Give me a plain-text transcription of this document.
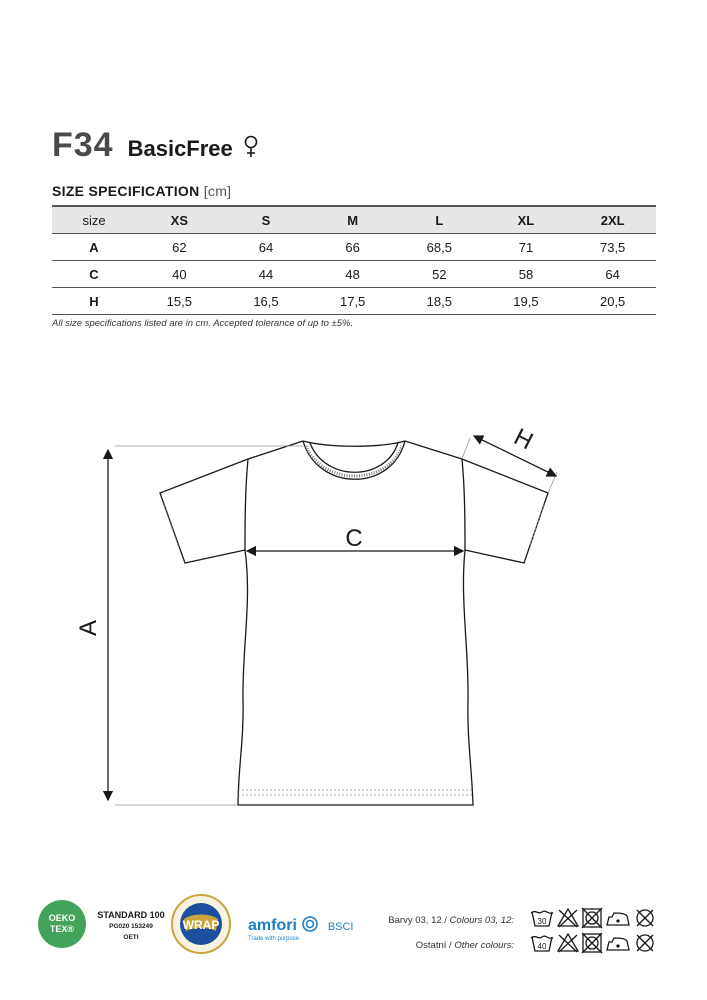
F34 BasicFree
SIZE SPECIFICATION [cm]
size	XS	S	M	L	XL	2XL
A	62	64	66	68,5	71	73,5
C	40	44	48	52	58	64
H	15,5	16,5	17,5	18,5	19,5	20,5
All size specifications listed are in cm. Accepted tolerance of up to ±5%.
A
C
H
OEKO TEX®
STANDARD 100
PG020 153249
OETI
WRAP amfori	BSCI
Trade with purpose
Barvy 03, 12 / Colours 03, 12:
Ostatní / Other colours:
30
40
